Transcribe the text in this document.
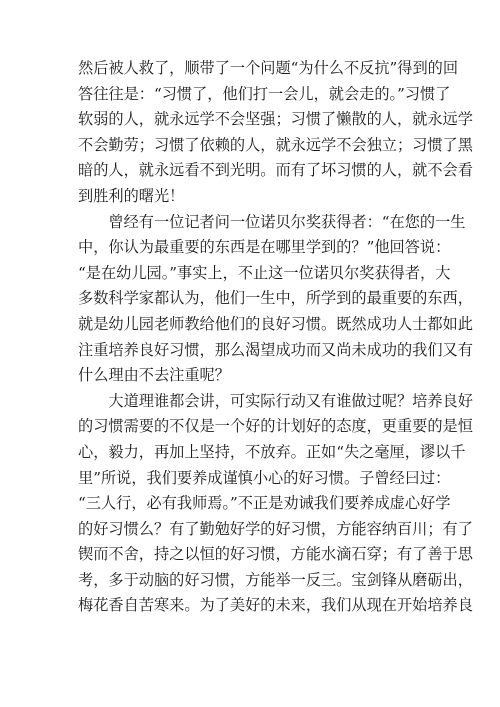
然后被人救了，顺带了一个问题“为什么不反抗”得到的回
答往往是：“习惯了，他们打一会儿，就会走的。”习惯了
软弱的人，就永远学不会坚强；习惯了懒散的人，就永远学
不会勤劳；习惯了依赖的人，就永远学不会独立；习惯了黑
暗的人，就永远看不到光明。而有了坏习惯的人，就不会看
到胜利的曙光！
　　曾经有一位记者问一位诺贝尔奖获得者：“在您的一生
中，你认为最重要的东西是在哪里学到的？”他回答说：
“是在幼儿园。”事实上，不止这一位诺贝尔奖获得者，大
多数科学家都认为，他们一生中，所学到的最重要的东西，
就是幼儿园老师教给他们的良好习惯。既然成功人士都如此
注重培养良好习惯，那么渴望成功而又尚未成功的我们又有
什么理由不去注重呢？
　　大道理谁都会讲，可实际行动又有谁做过呢？培养良好
的习惯需要的不仅是一个好的计划好的态度，更重要的是恒
心，毅力，再加上坚持，不放弃。正如“失之毫厘，谬以千
里”所说，我们要养成谨慎小心的好习惯。子曾经曰过：
“三人行，必有我师焉。”不正是劝诫我们要养成虚心好学
的好习惯么？有了勤勉好学的好习惯，方能容纳百川；有了
锲而不舍，持之以恒的好习惯，方能水滴石穿；有了善于思
考，多于动脑的好习惯，方能举一反三。宝剑锋从磨砺出，
梅花香自苦寒来。为了美好的未来，我们从现在开始培养良
